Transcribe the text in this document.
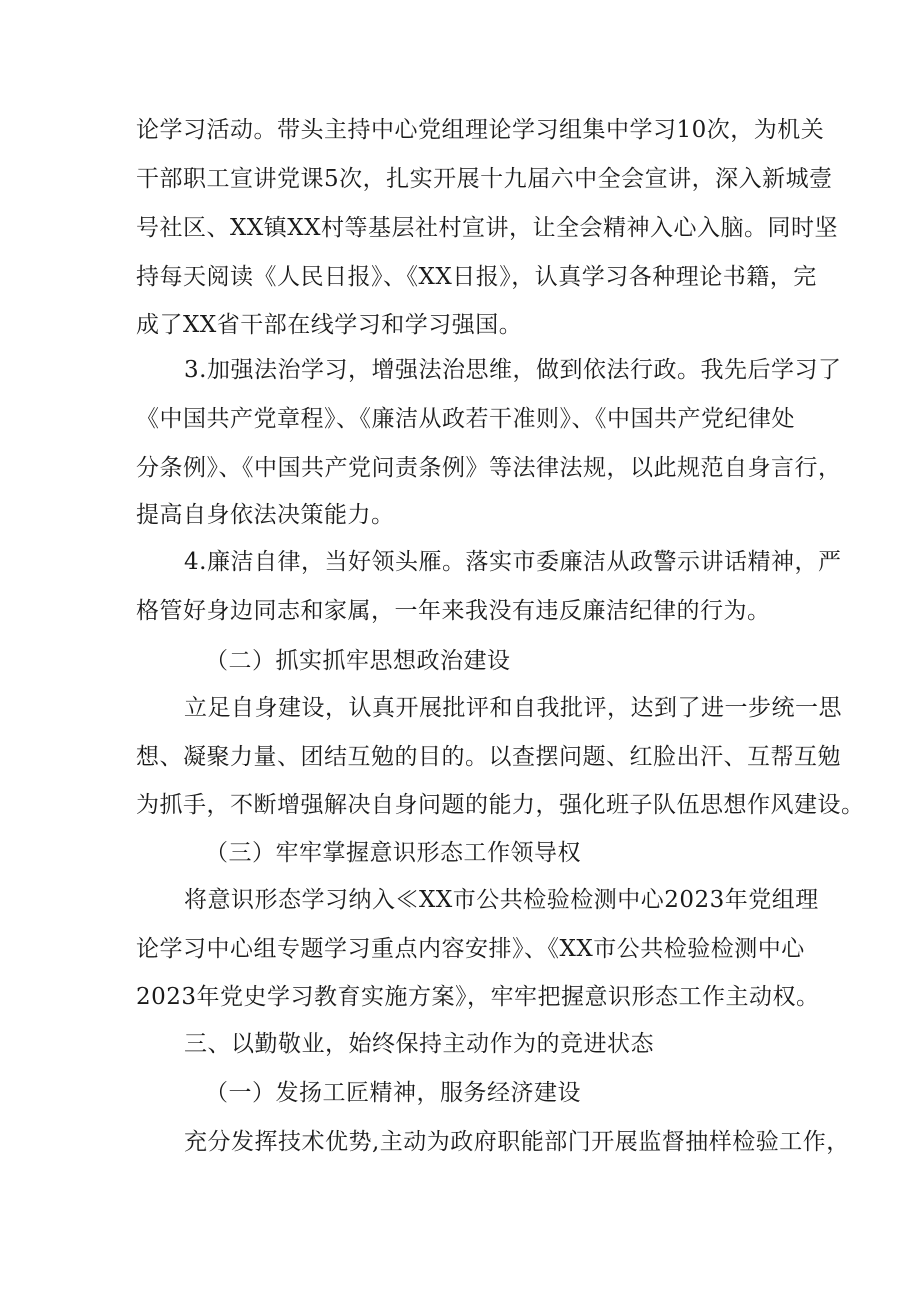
论学习活动。带头主持中心党组理论学习组集中学习10次，为机关
干部职工宣讲党课5次，扎实开展十九届六中全会宣讲，深入新城壹
号社区、XX镇XX村等基层社村宣讲，让全会精神入心入脑。同时坚
持每天阅读《人民日报》、《XX日报》，认真学习各种理论书籍，完
成了XX省干部在线学习和学习强国。
3.加强法治学习，增强法治思维，做到依法行政。我先后学习了
《中国共产党章程》、《廉洁从政若干准则》、《中国共产党纪律处
分条例》、《中国共产党问责条例》等法律法规，以此规范自身言行，
提高自身依法决策能力。
4.廉洁自律，当好领头雁。落实市委廉洁从政警示讲话精神，严
格管好身边同志和家属，一年来我没有违反廉洁纪律的行为。
（二）抓实抓牢思想政治建设
立足自身建设，认真开展批评和自我批评，达到了进一步统一思
想、凝聚力量、团结互勉的目的。以查摆问题、红脸出汗、互帮互勉
为抓手，不断增强解决自身问题的能力，强化班子队伍思想作风建设。
（三）牢牢掌握意识形态工作领导权
将意识形态学习纳入≪XX市公共检验检测中心2023年党组理
论学习中心组专题学习重点内容安排》、《XX市公共检验检测中心
2023年党史学习教育实施方案》，牢牢把握意识形态工作主动权。
三、以勤敬业，始终保持主动作为的竞进状态
（一）发扬工匠精神，服务经济建设
充分发挥技术优势,主动为政府职能部门开展监督抽样检验工作，
